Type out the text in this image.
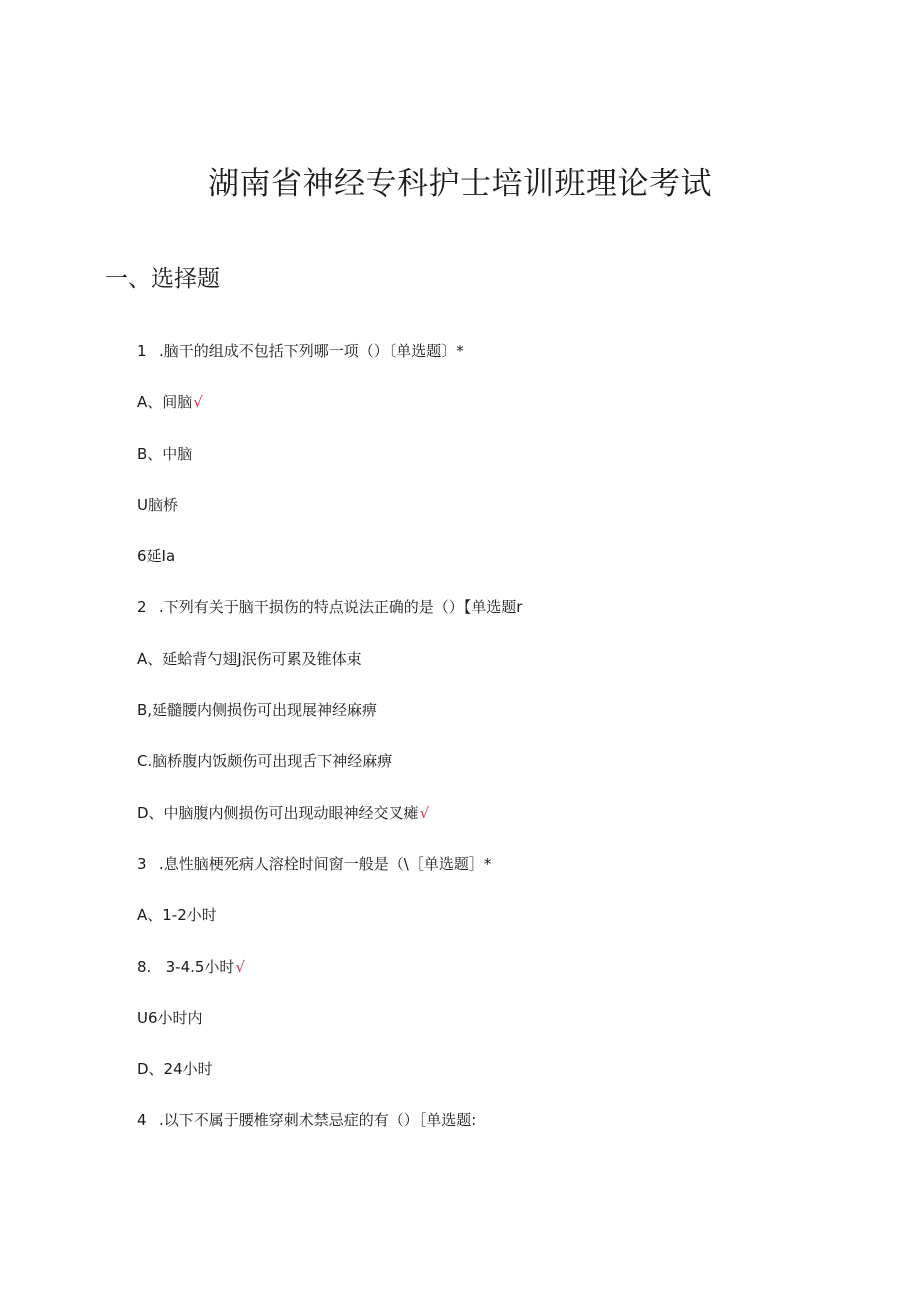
湖南省神经专科护士培训班理论考试
一、选择题
1 .脑干的组成不包括下列哪一项（）〔单选题〕*
A、间脑√
B、中脑
U脑桥
6延Ia
2 .下列有关于脑干损伤的特点说法正确的是（）【单选题r
A、延蛤背勺翅J泯伤可累及锥体束
B,延髓腰内侧损伤可出现展神经麻痹
C.脑桥腹内饭颇伤可出现舌下神经麻痹
D、中脑腹内侧损伤可出现动眼神经交叉瘫√
3 .息性脑梗死病人溶栓时间窗一般是（\［单选题］*
A、1-2小时
8.   3-4.5小时√
U6小时内
D、24小时
4 .以下不属于腰椎穿刺术禁忌症的有（）［单选题:
